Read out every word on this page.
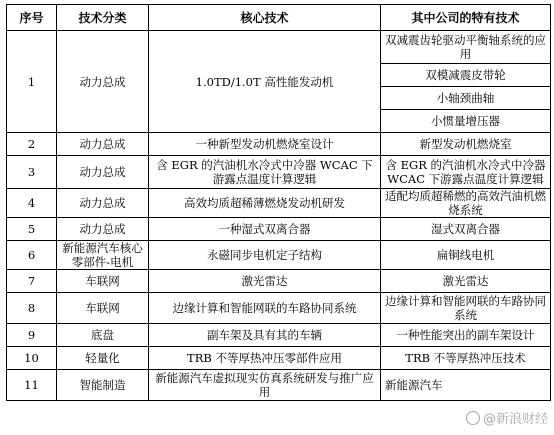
序号	技术分类	核心技术	其中公司的特有技术
1	动力总成	1.0TD/1.0T 高性能发动机	双减震齿轮驱动平衡轴系统的应用
			双模减震皮带轮
			小轴颈曲轴
			小惯量增压器
2	动力总成	一种新型发动机燃烧室设计	新型发动机燃烧室
3	动力总成	含 EGR 的汽油机水冷式中冷器 WCAC 下游露点温度计算逻辑	含 EGR 的汽油机水冷式中冷器 WCAC 下游露点温度计算逻辑
4	动力总成	高效均质超稀薄燃烧发动机研发	适配均质超稀燃的高效汽油机燃烧系统
5	动力总成	一种湿式双离合器	湿式双离合器
6	新能源汽车核心零部件-电机	永磁同步电机定子结构	扁铜线电机
7	车联网	激光雷达	激光雷达
8	车联网	边缘计算和智能网联的车路协同系统	边缘计算和智能网联的车路协同系统
9	底盘	副车架及具有其的车辆	一种性能突出的副车架设计
10	轻量化	TRB 不等厚热冲压零部件应用	TRB 不等厚热冲压技术
11	智能制造	新能源汽车虚拟现实仿真系统研发与推广应用	新能源汽车
@新浪财经
